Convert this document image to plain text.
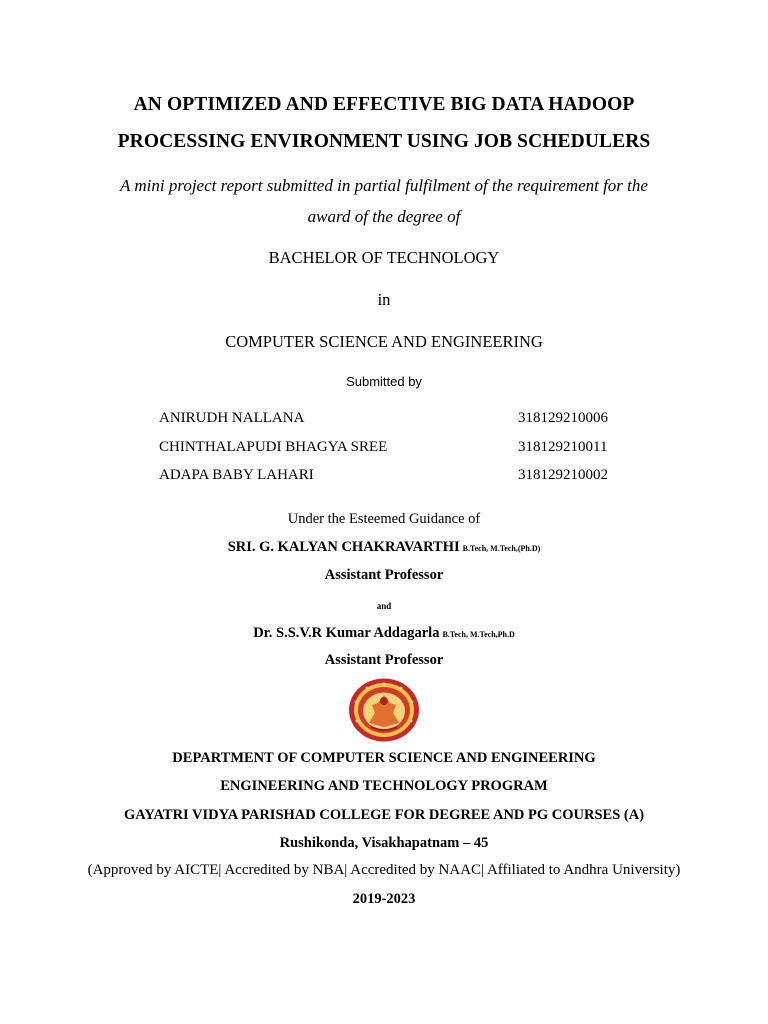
AN OPTIMIZED AND EFFECTIVE BIG DATA HADOOP
PROCESSING ENVIRONMENT USING JOB SCHEDULERS
A mini project report submitted in partial fulfilment of the requirement for the
award of the degree of
BACHELOR OF TECHNOLOGY
in
COMPUTER SCIENCE AND ENGINEERING
Submitted by
ANIRUDH NALLANA	318129210006
CHINTHALAPUDI BHAGYA SREE	318129210011
ADAPA BABY LAHARI	318129210002
Under the Esteemed Guidance of
SRI. G. KALYAN CHAKRAVARTHI B.Tech, M.Tech,(Ph.D)
Assistant Professor
and
Dr. S.S.V.R Kumar Addagarla B.Tech, M.Tech,Ph.D
Assistant Professor
DEPARTMENT OF COMPUTER SCIENCE AND ENGINEERING
ENGINEERING AND TECHNOLOGY PROGRAM
GAYATRI VIDYA PARISHAD COLLEGE FOR DEGREE AND PG COURSES (A)
Rushikonda, Visakhapatnam – 45
(Approved by AICTE| Accredited by NBA| Accredited by NAAC| Affiliated to Andhra University)
2019-2023
